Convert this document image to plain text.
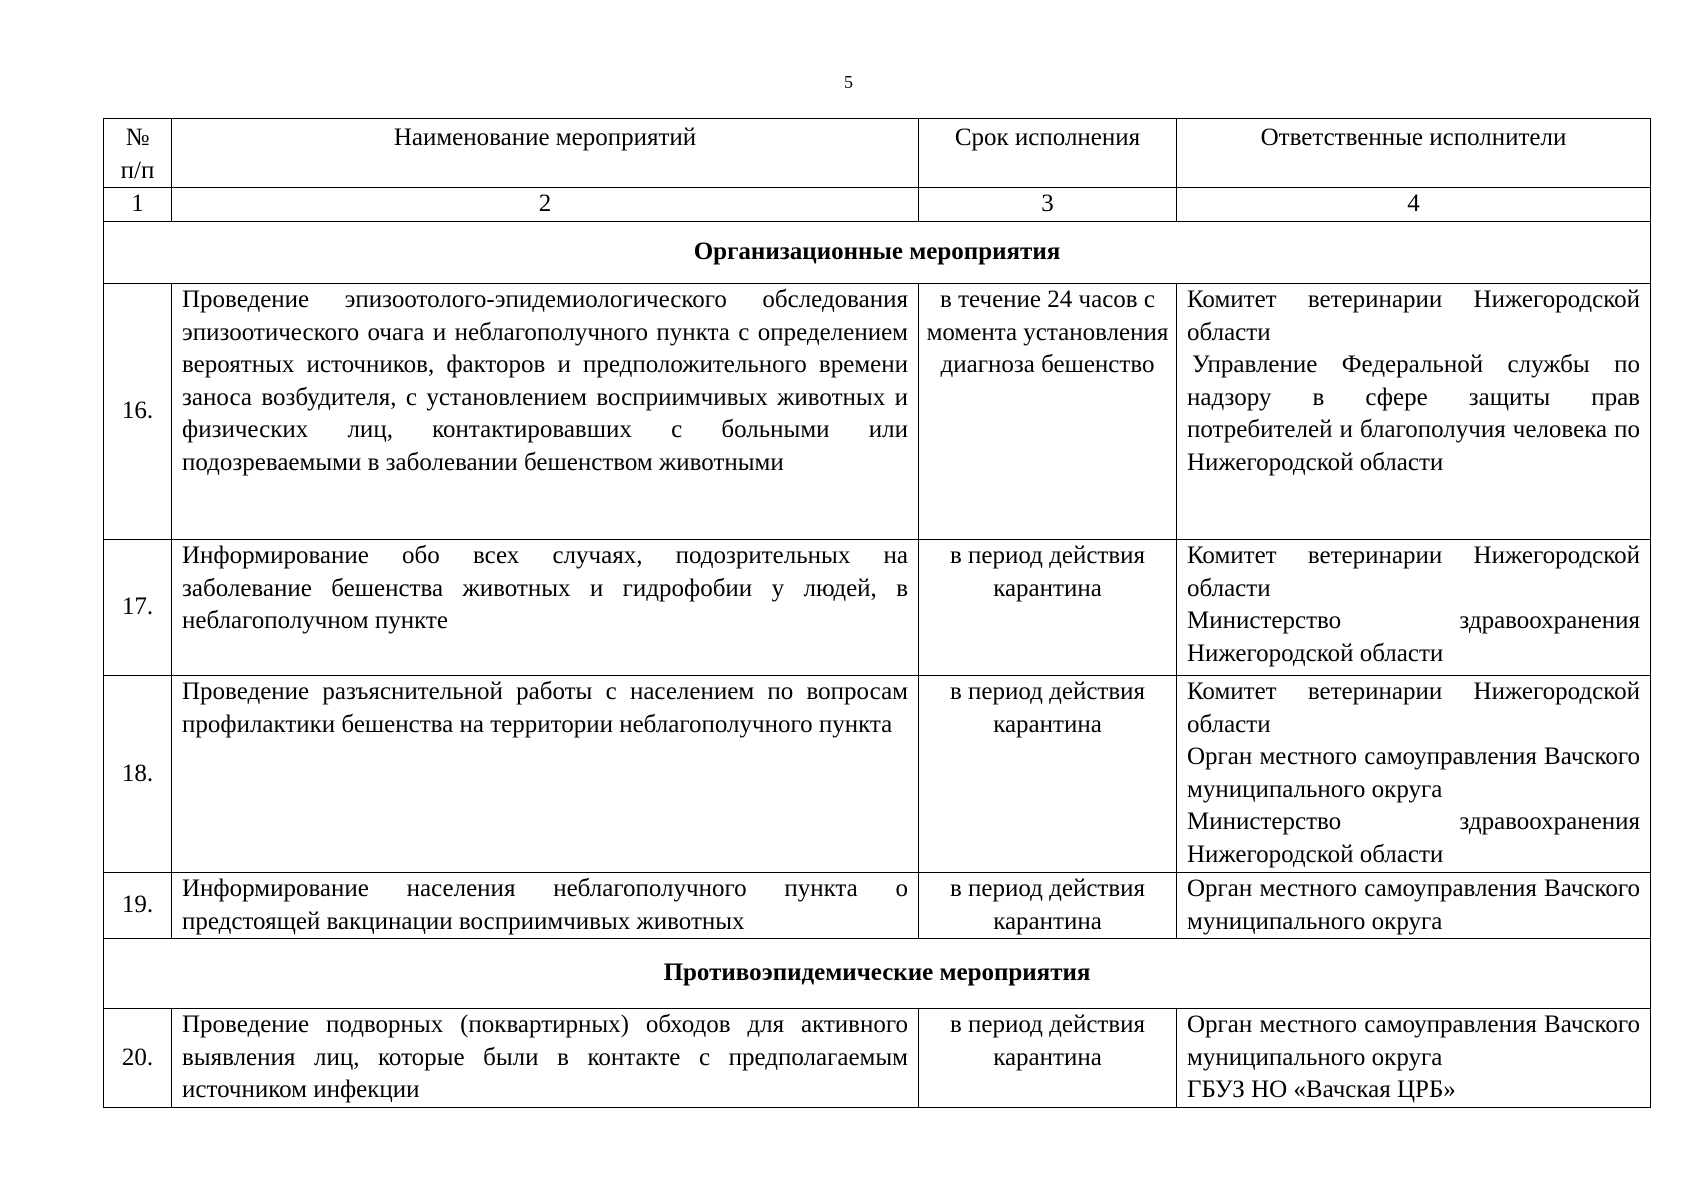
5
№
п/п	Наименование мероприятий	Срок исполнения	Ответственные исполнители
1	2	3	4
Организационные мероприятия			
16.	Проведение эпизоотолого-эпидемиологического обследования эпизоотического очага и неблагополучного пункта с определением вероятных источников, факторов и предположительного времени заноса возбудителя, с установлением восприимчивых животных и физических лиц, контактировавших с больными или подозреваемыми в заболевании бешенством животными	в течение 24 часов с момента установления диагноза бешенство	Комитет ветеринарии Нижегородской области
Управление Федеральной службы по надзору в сфере защиты прав потребителей и благополучия человека по Нижегородской области

17.	Информирование обо всех случаях, подозрительных на заболевание бешенства животных и гидрофобии у людей, в неблагополучном пункте	в период действия карантина	Комитет ветеринарии Нижегородской области
Министерство здравоохранения Нижегородской области

18.	Проведение разъяснительной работы с населением по вопросам профилактики бешенства на территории неблагополучного пункта	в период действия карантина	Комитет ветеринарии Нижегородской области
Орган местного самоуправления Вачского муниципального округа
Министерство здравоохранения Нижегородской области

19.	Информирование населения неблагополучного пункта о предстоящей вакцинации восприимчивых животных	в период действия карантина	Орган местного самоуправления Вачского муниципального округа

Противоэпидемические мероприятия			
20.	Проведение подворных (поквартирных) обходов для активного выявления лиц, которые были в контакте с предполагаемым источником инфекции	в период действия карантина	Орган местного самоуправления Вачского муниципального округа
ГБУЗ НО «Вачская ЦРБ»
